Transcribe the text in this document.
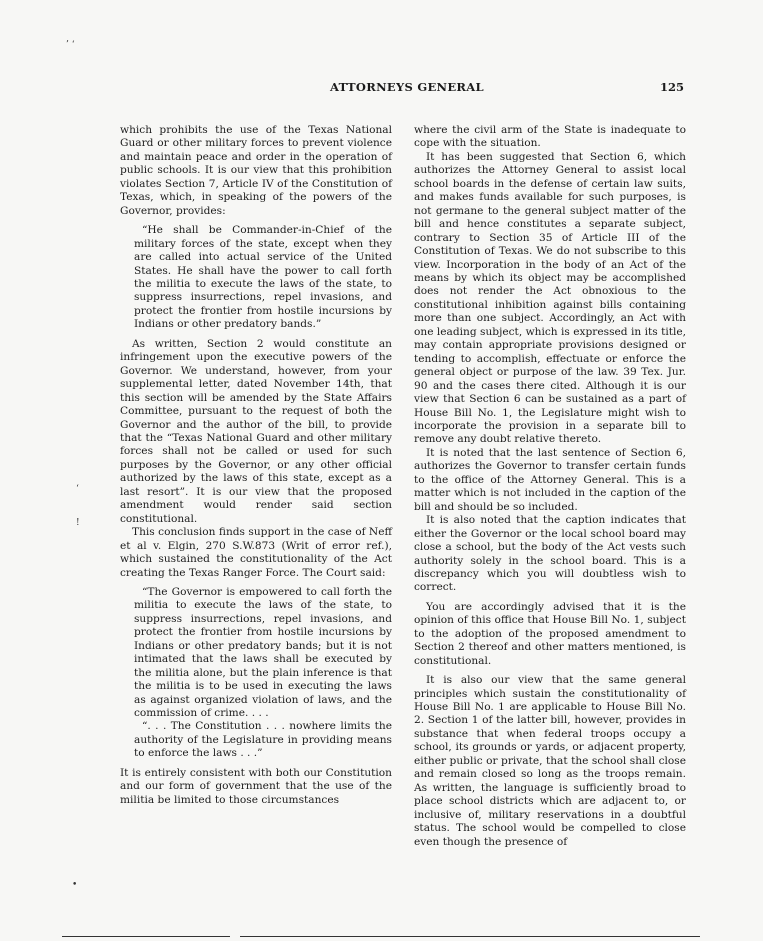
’ ‘
ATTORNEYS GENERAL	125

which prohibits the use of the Texas National Guard or other military forces to prevent violence and maintain peace and order in the operation of public schools. It is our view that this prohibition violates Section 7, Article IV of the Constitution of Texas, which, in speaking of the powers of the Governor, provides:

“He shall be Commander-in-Chief of the military forces of the state, except when they are called into actual service of the United States. He shall have the power to call forth the militia to execute the laws of the state, to suppress insurrections, repel invasions, and protect the frontier from hostile incursions by Indians or other predatory bands.”

As written, Section 2 would constitute an infringement upon the executive powers of the Governor. We understand, however, from your supplemental letter, dated November 14th, that this section will be amended by the State Affairs Committee, pursuant to the request of both the Governor and the author of the bill, to provide that the “Texas National Guard and other military forces shall not be called or used for such purposes by the Governor, or any other official authorized by the laws of this state, except as a last resort”. It is our view that the proposed amendment would render said section constitutional.

This conclusion finds support in the case of Neff et al v. Elgin, 270 S.W.873 (Writ of error ref.), which sustained the constitutionality of the Act creating the Texas Ranger Force. The Court said:

“The Governor is empowered to call forth the militia to execute the laws of the state, to suppress insurrections, repel invasions, and protect the frontier from hostile incursions by Indians or other predatory bands; but it is not intimated that the laws shall be executed by the militia alone, but the plain inference is that the militia is to be used in executing the laws as against organized violation of laws, and the commission of crime. . . .

“. . . The Constitution . . . nowhere limits the authority of the Legislature in providing means to enforce the laws . . .”

It is entirely consistent with both our Constitution and our form of government that the use of the militia be limited to those circumstances

where the civil arm of the State is inadequate to cope with the situation.

It has been suggested that Section 6, which authorizes the Attorney General to assist local school boards in the defense of certain law suits, and makes funds available for such purposes, is not germane to the general subject matter of the bill and hence constitutes a separate subject, contrary to Section 35 of Article III of the Constitution of Texas. We do not subscribe to this view. Incorporation in the body of an Act of the means by which its object may be accomplished does not render the Act obnoxious to the constitutional inhibition against bills containing more than one subject. Accordingly, an Act with one leading subject, which is expressed in its title, may contain appropriate provisions designed or tending to accomplish, effectuate or enforce the general object or purpose of the law. 39 Tex. Jur. 90 and the cases there cited. Although it is our view that Section 6 can be sustained as a part of House Bill No. 1, the Legislature might wish to incorporate the provision in a separate bill to remove any doubt relative thereto.

It is noted that the last sentence of Section 6, authorizes the Governor to transfer certain funds to the office of the Attorney General. This is a matter which is not included in the caption of the bill and should be so included.

It is also noted that the caption indicates that either the Governor or the local school board may close a school, but the body of the Act vests such authority solely in the school board. This is a discrepancy which you will doubtless wish to correct.

You are accordingly advised that it is the opinion of this office that House Bill No. 1, subject to the adoption of the proposed amendment to Section 2 thereof and other matters mentioned, is constitutional.

It is also our view that the same general principles which sustain the constitutionality of House Bill No. 1 are applicable to House Bill No. 2. Section 1 of the latter bill, however, provides in substance that when federal troops occupy a school, its grounds or yards, or adjacent property, either public or private, that the school shall close and remain closed so long as the troops remain. As written, the language is sufficiently broad to place school districts which are adjacent to, or inclusive of, military reservations in a doubtful status. The school would be compelled to close even though the presence of

‘
!
•
